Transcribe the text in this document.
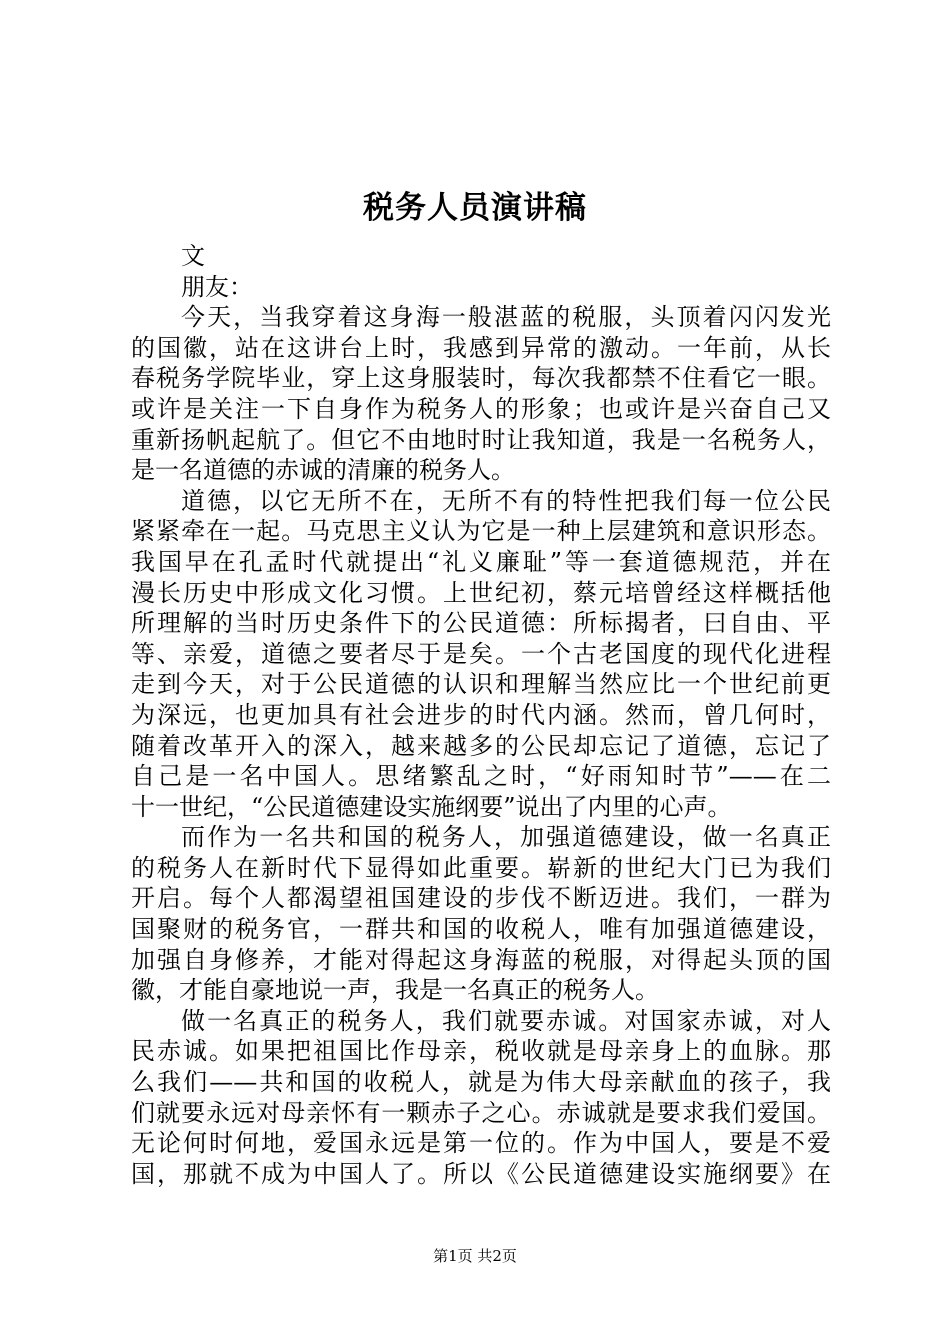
税务人员演讲稿
文
朋友：
今天，当我穿着这身海一般湛蓝的税服，头顶着闪闪发光
的国徽，站在这讲台上时，我感到异常的激动。一年前，从长
春税务学院毕业，穿上这身服装时，每次我都禁不住看它一眼。
或许是关注一下自身作为税务人的形象；也或许是兴奋自己又
重新扬帆起航了。但它不由地时时让我知道，我是一名税务人，
是一名道德的赤诚的清廉的税务人。
道德，以它无所不在，无所不有的特性把我们每一位公民
紧紧牵在一起。马克思主义认为它是一种上层建筑和意识形态。
我国早在孔孟时代就提出“礼义廉耻”等一套道德规范，并在
漫长历史中形成文化习惯。上世纪初，蔡元培曾经这样概括他
所理解的当时历史条件下的公民道德：所标揭者，曰自由、平
等、亲爱，道德之要者尽于是矣。一个古老国度的现代化进程
走到今天，对于公民道德的认识和理解当然应比一个世纪前更
为深远，也更加具有社会进步的时代内涵。然而，曾几何时，
随着改革开入的深入，越来越多的公民却忘记了道德，忘记了
自己是一名中国人。思绪繁乱之时，“好雨知时节”——在二
十一世纪，“公民道德建设实施纲要”说出了内里的心声。
而作为一名共和国的税务人，加强道德建设，做一名真正
的税务人在新时代下显得如此重要。崭新的世纪大门已为我们
开启。每个人都渴望祖国建设的步伐不断迈进。我们，一群为
国聚财的税务官，一群共和国的收税人，唯有加强道德建设，
加强自身修养，才能对得起这身海蓝的税服，对得起头顶的国
徽，才能自豪地说一声，我是一名真正的税务人。
做一名真正的税务人，我们就要赤诚。对国家赤诚，对人
民赤诚。如果把祖国比作母亲，税收就是母亲身上的血脉。那
么我们——共和国的收税人，就是为伟大母亲献血的孩子，我
们就要永远对母亲怀有一颗赤子之心。赤诚就是要求我们爱国。
无论何时何地，爱国永远是第一位的。作为中国人，要是不爱
国，那就不成为中国人了。所以《公民道德建设实施纲要》在
第1页 共2页
